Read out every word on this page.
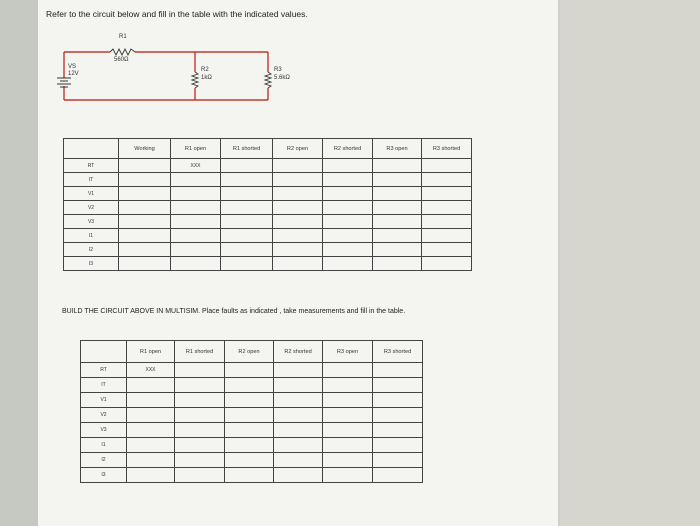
Refer to the circuit below and fill in the table with the indicated values.
VS
12V
R1
560Ω
R2
1kΩ
R3
5.6kΩ
	Working	R1 open	R1 shorted	R2 open	R2 shorted	R3 open	R3 shorted
RT		XXX					
IT							
V1							
V2							
V3							
I1							
I2							
I3							
BUILD THE CIRCUIT ABOVE IN MULTISIM. Place faults as indicated , take measurements and fill in the table.
	R1 open	R1 shorted	R2 open	R2 shorted	R3 open	R3 shorted
RT	XXX					
IT						
V1						
V2						
V3						
I1						
I2						
I3						
